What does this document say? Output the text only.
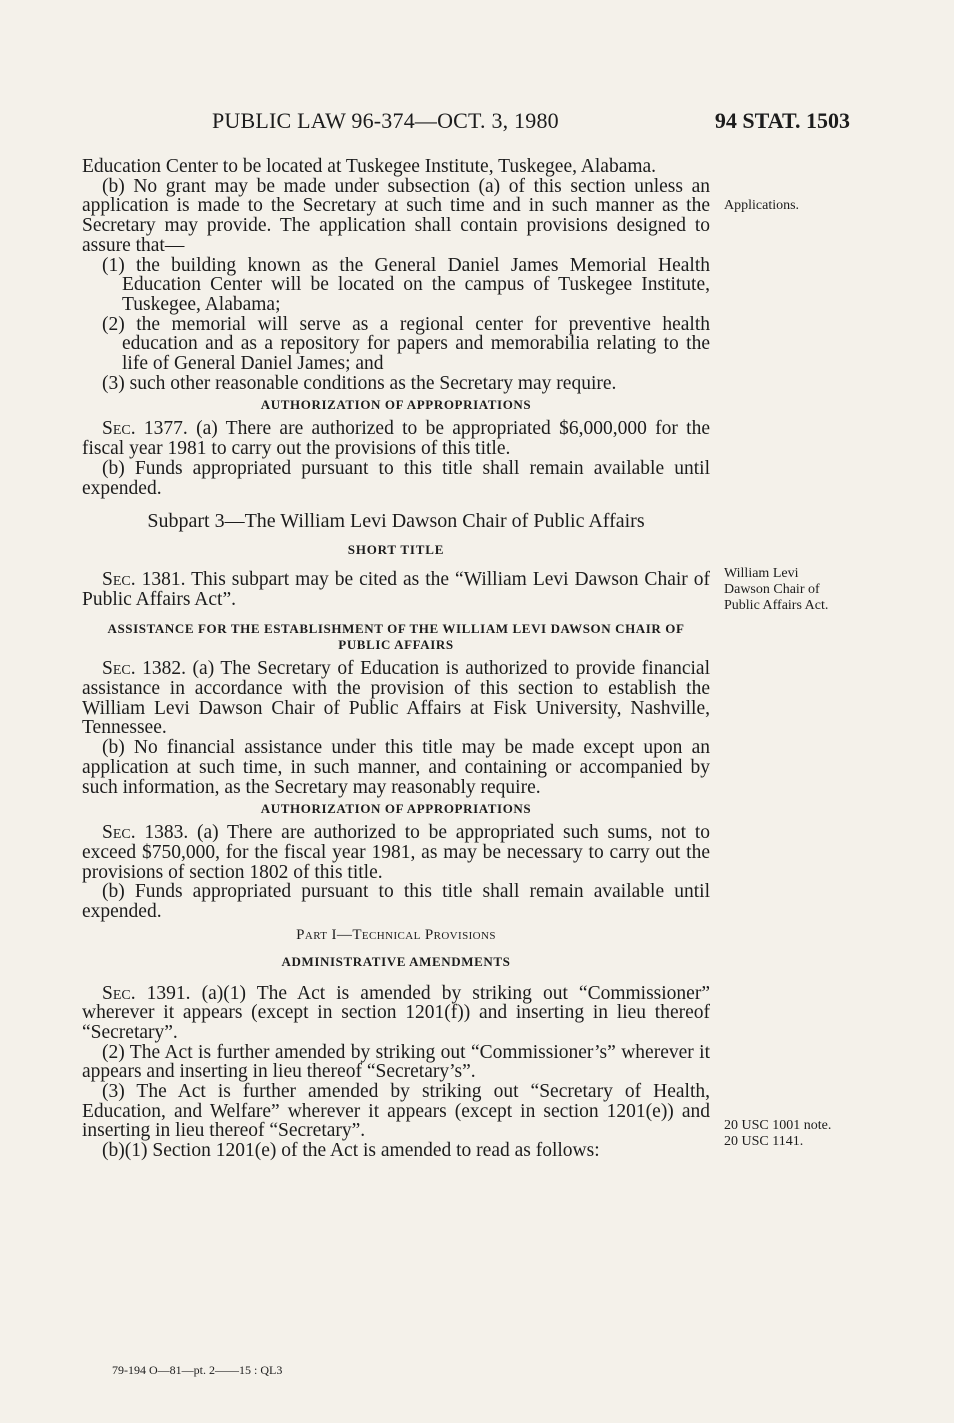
PUBLIC LAW 96-374—OCT. 3, 1980	94 STAT. 1503

Education Center to be located at Tuskegee Institute, Tuskegee, Alabama.

(b) No grant may be made under subsection (a) of this section unless an application is made to the Secretary at such time and in such manner as the Secretary may provide. The application shall contain provisions designed to assure that—

(1) the building known as the General Daniel James Memorial Health Education Center will be located on the campus of Tuskegee Institute, Tuskegee, Alabama;

(2) the memorial will serve as a regional center for preventive health education and as a repository for papers and memorabilia relating to the life of General Daniel James; and

(3) such other reasonable conditions as the Secretary may require.

AUTHORIZATION OF APPROPRIATIONS

Sec. 1377. (a) There are authorized to be appropriated $6,000,000 for the fiscal year 1981 to carry out the provisions of this title.

(b) Funds appropriated pursuant to this title shall remain available until expended.

Subpart 3—The William Levi Dawson Chair of Public Affairs
SHORT TITLE

Sec. 1381. This subpart may be cited as the “William Levi Dawson Chair of Public Affairs Act”.

ASSISTANCE FOR THE ESTABLISHMENT OF THE WILLIAM LEVI DAWSON CHAIR OF PUBLIC AFFAIRS

Sec. 1382. (a) The Secretary of Education is authorized to provide financial assistance in accordance with the provision of this section to establish the William Levi Dawson Chair of Public Affairs at Fisk University, Nashville, Tennessee.

(b) No financial assistance under this title may be made except upon an application at such time, in such manner, and containing or accompanied by such information, as the Secretary may reasonably require.

AUTHORIZATION OF APPROPRIATIONS

Sec. 1383. (a) There are authorized to be appropriated such sums, not to exceed $750,000, for the fiscal year 1981, as may be necessary to carry out the provisions of section 1802 of this title.

(b) Funds appropriated pursuant to this title shall remain available until expended.

Part I—Technical Provisions
ADMINISTRATIVE AMENDMENTS

Sec. 1391. (a)(1) The Act is amended by striking out “Commissioner” wherever it appears (except in section 1201(f)) and inserting in lieu thereof “Secretary”.

(2) The Act is further amended by striking out “Commissioner’s” wherever it appears and inserting in lieu thereof “Secretary’s”.

(3) The Act is further amended by striking out “Secretary of Health, Education, and Welfare” wherever it appears (except in section 1201(e)) and inserting in lieu thereof “Secretary”.

(b)(1) Section 1201(e) of the Act is amended to read as follows:

Applications.
William Levi Dawson Chair of Public Affairs Act.
20 USC 1001 note. 20 USC 1141.
79-194 O—81—pt. 2——15 : QL3
